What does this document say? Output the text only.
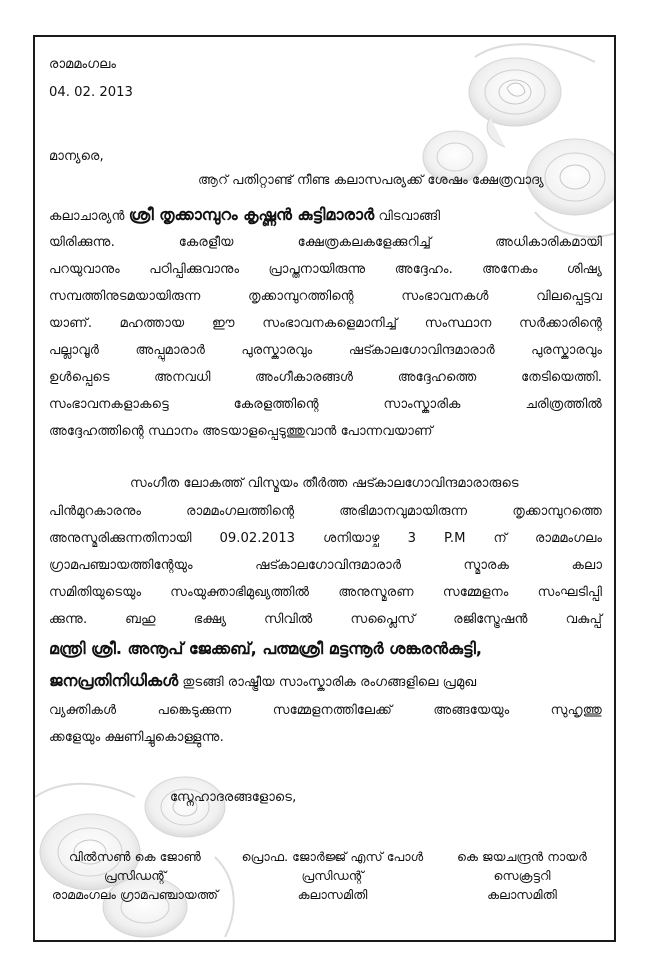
രാമമംഗലം
04. 02. 2013
മാന്യരെ,
ആറ് പതിറ്റാണ്ട് നീണ്ട കലാസപര്യക്ക് ശേഷം ക്ഷേത്രവാദ്യ
കലാചാര്യൻ ശ്രീ തൃക്കാമ്പുറം കൃഷ്ണൻ കുട്ടിമാരാർ വിടവാങ്ങി
യിരിക്കുന്നു. കേരളീയ ക്ഷേത്രകലകളേക്കുറിച്ച് അധികാരികമായി
പറയുവാനും പഠിപ്പിക്കുവാനും പ്രാപ്തനായിരുന്നു അദ്ദേഹം. അനേകം ശിഷ്യ
സമ്പത്തിനുടമയായിരുന്ന തൃക്കാമ്പുറത്തിന്റെ സംഭാവനകൾ വിലപ്പെട്ടവ
യാണ്. മഹത്തായ ഈ സംഭാവനകളെമാനിച്ച് സംസ്ഥാന സർക്കാരിന്റെ
പല്ലാവൂർ അപ്പുമാരാർ പുരസ്കാരവും ഷട്കാലഗോവിന്ദമാരാർ പുരസ്കാരവും
ഉൾപ്പെടെ അനവധി അംഗീകാരങ്ങൾ അദ്ദേഹത്തെ തേടിയെത്തി.
സംഭാവനകളാകട്ടെ കേരളത്തിന്റെ സാംസ്കാരിക ചരിത്രത്തിൽ
അദ്ദേഹത്തിന്റെ സ്ഥാനം അടയാളപ്പെടുത്തുവാൻ പോന്നവയാണ്
സംഗീത ലോകത്ത് വിസ്മയം തീർത്ത ഷട്കാലഗോവിന്ദമാരാരുടെ
പിൻമുറകാരനും രാമമംഗലത്തിന്റെ അഭിമാനവുമായിരുന്ന തൃക്കാമ്പുറത്തെ
അനുസ്മരിക്കുന്നതിനായി 09.02.2013 ശനിയാഴ്ച 3 P.M ന് രാമമംഗലം
ഗ്രാമപഞ്ചായത്തിന്റേയും ഷട്കാലഗോവിന്ദമാരാർ സ്മാരക കലാ
സമിതിയുടെയും സംയുക്താഭിമുഖ്യത്തിൽ അനുസ്മരണ സമ്മേളനം സംഘടിപ്പി
ക്കുന്നു. ബഹു ഭക്ഷ്യ സിവിൽ സപ്ലൈസ് രജിസ്ട്രേഷൻ വകുപ്പ്
മന്ത്രി ശ്രീ. അനൂപ് ജേക്കബ്, പത്മശ്രീ മട്ടന്നൂർ ശങ്കരൻകുട്ടി,
ജനപ്രതിനിധികൾ തുടങ്ങി രാഷ്ട്രീയ സാംസ്കാരിക രംഗങ്ങളിലെ പ്രമുഖ
വ്യക്തികൾ പങ്കെടുക്കുന്ന സമ്മേളനത്തിലേക്ക് അങ്ങയേയും സുഹൃത്തു
ക്കളേയും ക്ഷണിച്ചുകൊള്ളുന്നു.
സ്നേഹാദരങ്ങളോടെ,
വിൽസൺ കെ ജോൺ
പ്രസിഡന്റ്
രാമമംഗലം ഗ്രാമപഞ്ചായത്ത്
പ്രൊഫ. ജോർജ്ജ് എസ് പോൾ
പ്രസിഡന്റ്
കലാസമിതി
കെ ജയചന്ദ്രൻ നായർ
സെക്രട്ടറി
കലാസമിതി
